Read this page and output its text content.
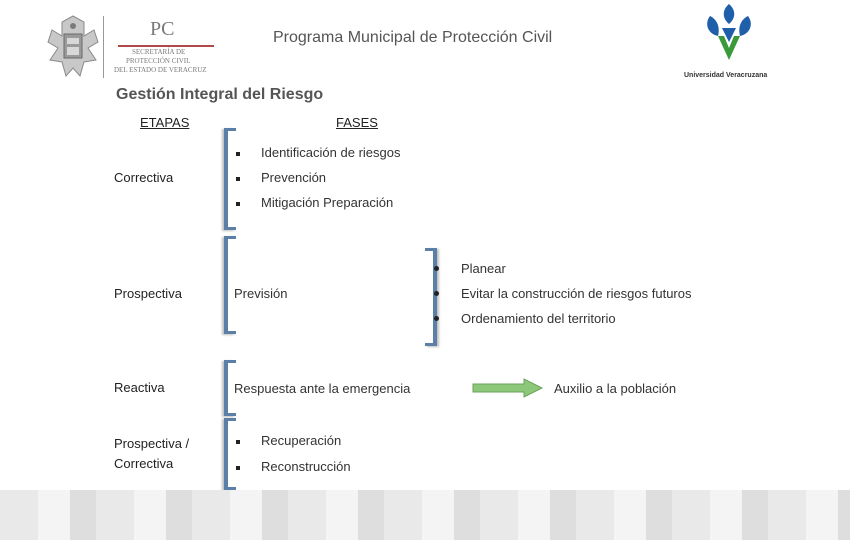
PC
SECRETARÍA DE
PROTECCIÓN CIVIL
DEL ESTADO DE VERACRUZ
Programa Municipal de Protección Civil
Universidad Veracruzana
Gestión Integral del Riesgo
ETAPAS	FASES
Correctiva
Identificación de riesgos
Prevención
Mitigación Preparación
Prospectiva	Previsión
Planear
Evitar la construcción de riesgos futuros
Ordenamiento del territorio
Reactiva	Respuesta ante la emergencia	Auxilio a la población
Prospectiva /
Correctiva
Recuperación
Reconstrucción
